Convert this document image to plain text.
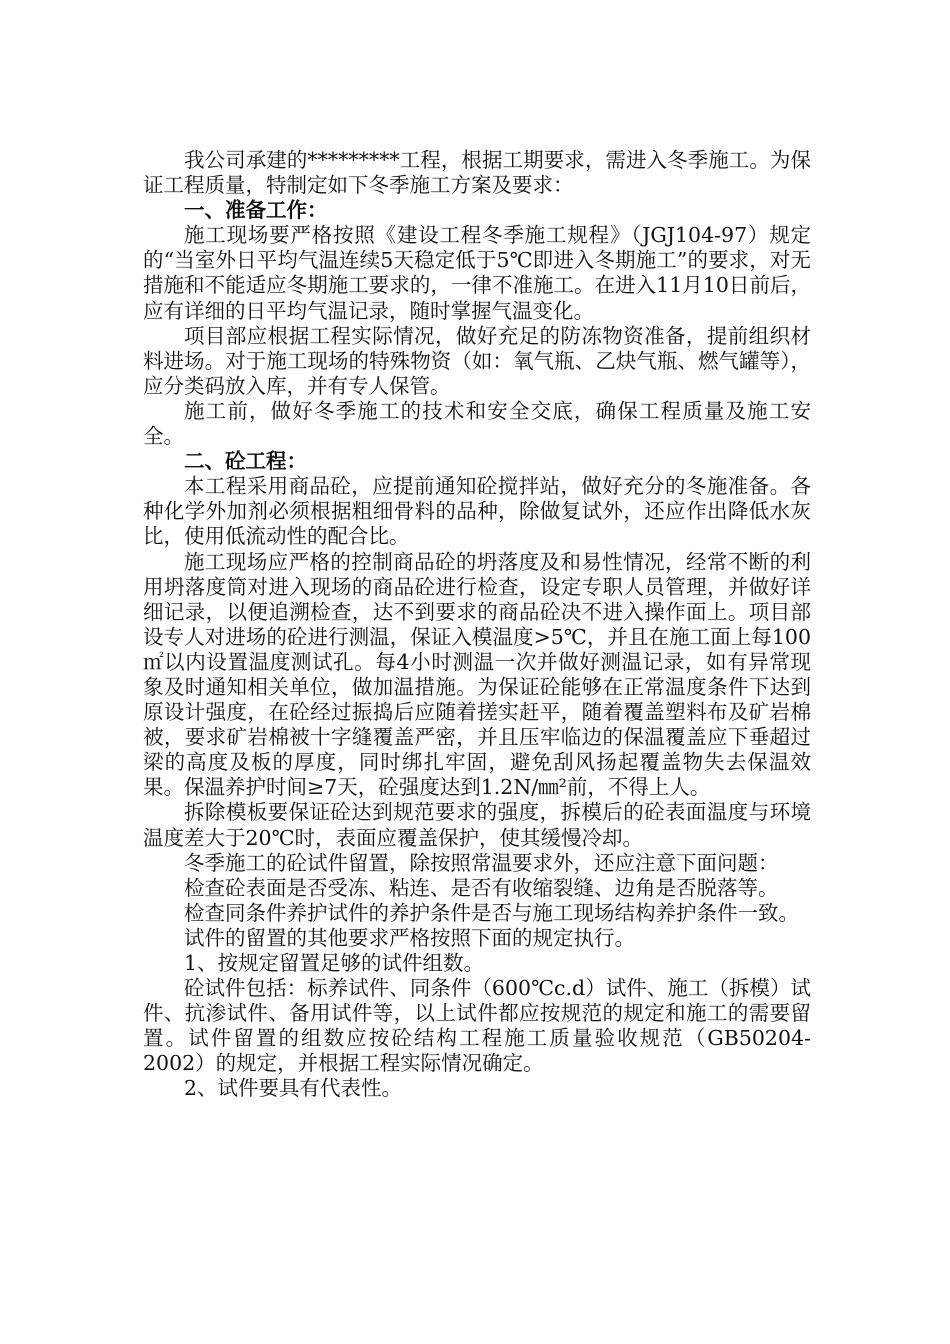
我公司承建的*********工程，根据工期要求，需进入冬季施工。为保证工程质量，特制定如下冬季施工方案及要求：

一、准备工作：

施工现场要严格按照《建设工程冬季施工规程》（JGJ104-97）规定的“当室外日平均气温连续5天稳定低于5℃即进入冬期施工”的要求，对无措施和不能适应冬期施工要求的，一律不准施工。在进入11月10日前后，应有详细的日平均气温记录，随时掌握气温变化。

项目部应根据工程实际情况，做好充足的防冻物资准备，提前组织材料进场。对于施工现场的特殊物资（如：氧气瓶、乙炔气瓶、燃气罐等），应分类码放入库，并有专人保管。

施工前，做好冬季施工的技术和安全交底，确保工程质量及施工安全。

二、砼工程：

本工程采用商品砼，应提前通知砼搅拌站，做好充分的冬施准备。各种化学外加剂必须根据粗细骨料的品种，除做复试外，还应作出降低水灰比，使用低流动性的配合比。

施工现场应严格的控制商品砼的坍落度及和易性情况，经常不断的利用坍落度筒对进入现场的商品砼进行检查，设定专职人员管理，并做好详细记录，以便追溯检查，达不到要求的商品砼决不进入操作面上。项目部设专人对进场的砼进行测温，保证入模温度>5℃，并且在施工面上每100㎡以内设置温度测试孔。每4小时测温一次并做好测温记录，如有异常现象及时通知相关单位，做加温措施。为保证砼能够在正常温度条件下达到原设计强度，在砼经过振捣后应随着搓实赶平，随着覆盖塑料布及矿岩棉被，要求矿岩棉被十字缝覆盖严密，并且压牢临边的保温覆盖应下垂超过梁的高度及板的厚度，同时绑扎牢固，避免刮风扬起覆盖物失去保温效果。保温养护时间≥7天，砼强度达到1.2N/㎜²前，不得上人。

拆除模板要保证砼达到规范要求的强度，拆模后的砼表面温度与环境温度差大于20℃时，表面应覆盖保护，使其缓慢冷却。

冬季施工的砼试件留置，除按照常温要求外，还应注意下面问题：

检查砼表面是否受冻、粘连、是否有收缩裂缝、边角是否脱落等。

检查同条件养护试件的养护条件是否与施工现场结构养护条件一致。

试件的留置的其他要求严格按照下面的规定执行。

1、按规定留置足够的试件组数。

砼试件包括：标养试件、同条件（600℃c.d）试件、施工（拆模）试件、抗渗试件、备用试件等，以上试件都应按规范的规定和施工的需要留置。试件留置的组数应按砼结构工程施工质量验收规范（GB50204-2002）的规定，并根据工程实际情况确定。

2、试件要具有代表性。
